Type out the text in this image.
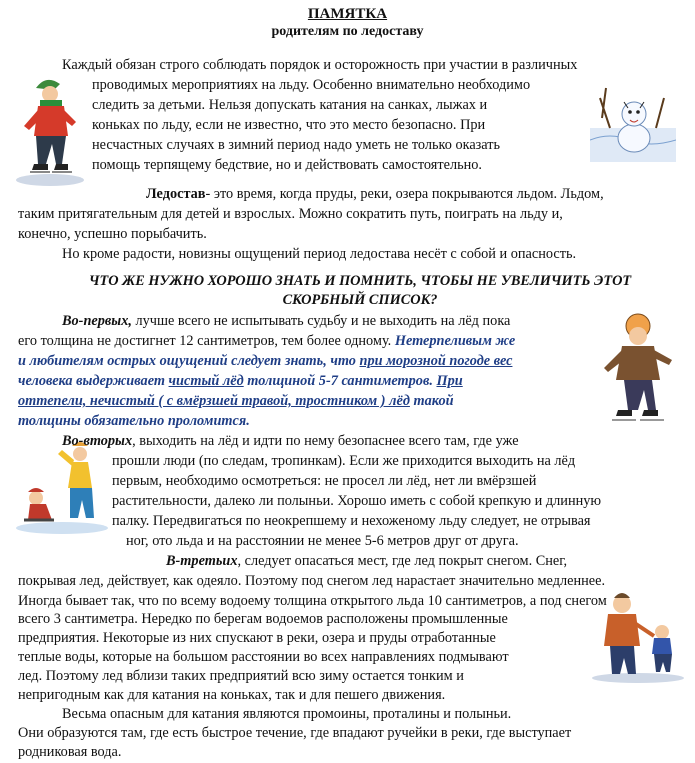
ПАМЯТКА
родителям по ледоставу
Каждый обязан строго соблюдать порядок и осторожность при участии в различных
проводимых мероприятиях на льду. Особенно внимательно необходимо
следить за детьми. Нельзя допускать катания на санках, лыжах и
коньках по льду, если не известно, что это место безопасно. При
несчастных случаях в зимний период надо уметь не только оказать
помощь терпящему бедствие, но и действовать самостоятельно.
Ледостав- это время, когда пруды, реки, озера покрываются льдом. Льдом,
таким притягательным для детей и взрослых. Можно сократить путь, поиграть на льду и,
конечно, успешно порыбачить.
Но кроме радости, новизны ощущений период ледостава несёт с собой и опасность.
ЧТО ЖЕ НУЖНО ХОРОШО ЗНАТЬ И ПОМНИТЬ, ЧТОБЫ НЕ УВЕЛИЧИТЬ ЭТОТ
СКОРБНЫЙ СПИСОК?
Во-первых, лучше всего не испытывать судьбу и не выходить на лёд пока
его толщина не достигнет 12 сантиметров, тем более одному. Нетерпеливым же
и любителям острых ощущений следует знать, что при морозной погоде вес
человека выдерживает чистый лёд толщиной 5-7 сантиметров. При
оттепели, нечистый ( с вмёрзшей травой, тростником ) лёд такой
толщины обязательно проломится.
Во-вторых, выходить на лёд и идти по нему безопаснее всего там, где уже
прошли люди (по следам, тропинкам). Если же приходится выходить на лёд
первым, необходимо осмотреться: не просел ли лёд, нет ли вмёрзшей
растительности, далеко ли полыньи. Хорошо иметь с собой крепкую и длинную
палку. Передвигаться по неокрепшему и нехоженому льду следует, не отрывая
ног, ото льда и на расстоянии не менее 5-6 метров друг от друга.
В-третьих, следует опасаться мест, где лед покрыт снегом. Снег,
покрывая лед, действует, как одеяло. Поэтому под снегом лед нарастает значительно медленнее.
Иногда бывает так, что по всему водоему толщина открытого льда 10 сантиметров, а под снегом
всего 3 сантиметра. Нередко по берегам водоемов расположены промышленные
предприятия. Некоторые из них спускают в реки, озера и пруды отработанные
теплые воды, которые на большом расстоянии во всех направлениях подмывают
лед. Поэтому лед вблизи таких предприятий всю зиму остается тонким и
непригодным как для катания на коньках, так и для пешего движения.
Весьма опасным для катания являются промоины, проталины и полыньи.
Они образуются там, где есть быстрое течение, где впадают ручейки в реки, где выступает
родниковая вода.
